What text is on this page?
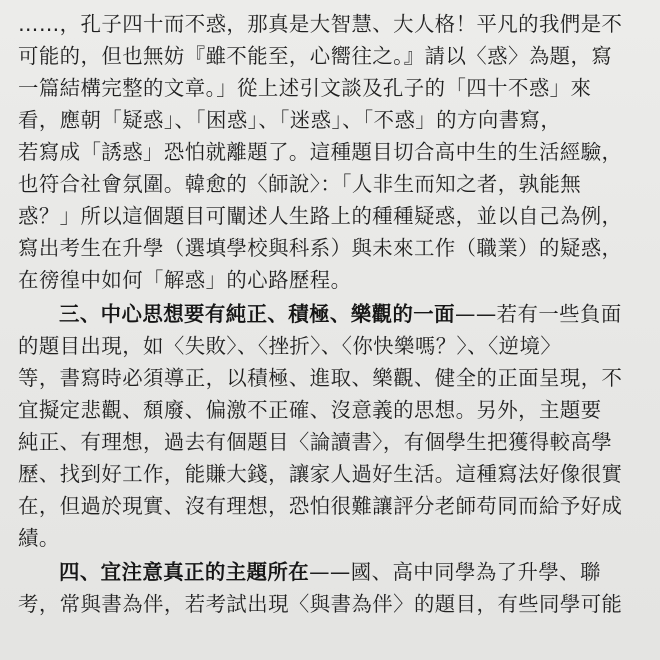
……，孔子四十而不惑，那真是大智慧、大人格！平凡的我們是不
可能的，但也無妨『雖不能至，心嚮往之。』請以〈惑〉為題，寫
一篇結構完整的文章。」從上述引文談及孔子的「四十不惑」來
看，應朝「疑惑」、「困惑」、「迷惑」、「不惑」的方向書寫，
若寫成「誘惑」恐怕就離題了。這種題目切合高中生的生活經驗，
也符合社會氛圍。韓愈的〈師說〉：「人非生而知之者，孰能無
惑？」所以這個題目可闡述人生路上的種種疑惑，並以自己為例，
寫出考生在升學（選填學校與科系）與未來工作（職業）的疑惑，
在徬徨中如何「解惑」的心路歷程。
三、中心思想要有純正、積極、樂觀的一面——若有一些負面
的題目出現，如〈失敗〉、〈挫折〉、〈你快樂嗎？〉、〈逆境〉
等，書寫時必須導正，以積極、進取、樂觀、健全的正面呈現，不
宜擬定悲觀、頹廢、偏激不正確、沒意義的思想。另外，主題要
純正、有理想，過去有個題目〈論讀書〉，有個學生把獲得較高學
歷、找到好工作，能賺大錢，讓家人過好生活。這種寫法好像很實
在，但過於現實、沒有理想，恐怕很難讓評分老師苟同而給予好成
績。
四、宜注意真正的主題所在——國、高中同學為了升學、聯
考，常與書為伴，若考試出現〈與書為伴〉的題目，有些同學可能
